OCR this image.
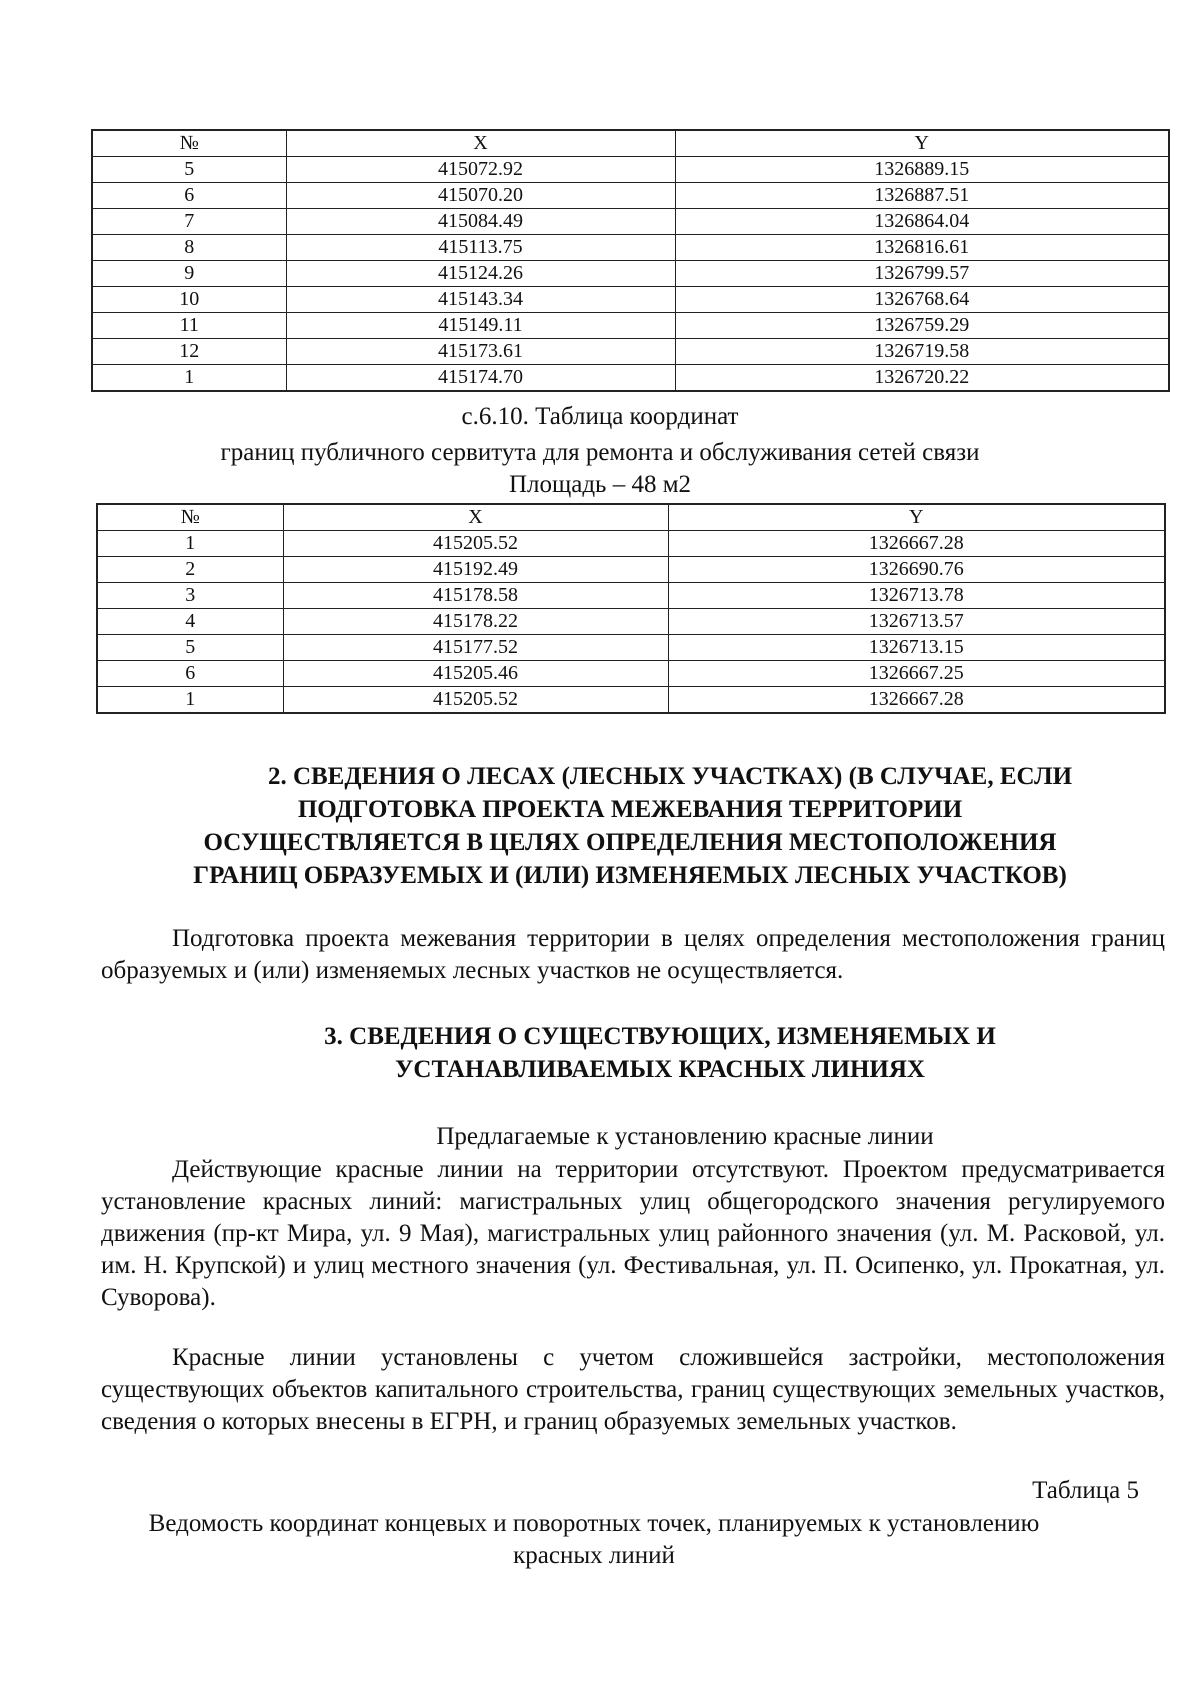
№	X	Y
5	415072.92	1326889.15
6	415070.20	1326887.51
7	415084.49	1326864.04
8	415113.75	1326816.61
9	415124.26	1326799.57
10	415143.34	1326768.64
11	415149.11	1326759.29
12	415173.61	1326719.58
1	415174.70	1326720.22
с.6.10. Таблица координат
границ публичного сервитута для ремонта и обслуживания сетей связи
Площадь – 48 м2
№	X	Y
1	415205.52	1326667.28
2	415192.49	1326690.76
3	415178.58	1326713.78
4	415178.22	1326713.57
5	415177.52	1326713.15
6	415205.46	1326667.25
1	415205.52	1326667.28
2. СВЕДЕНИЯ О ЛЕСАХ (ЛЕСНЫХ УЧАСТКАХ) (В СЛУЧАЕ, ЕСЛИ
ПОДГОТОВКА ПРОЕКТА МЕЖЕВАНИЯ ТЕРРИТОРИИ
ОСУЩЕСТВЛЯЕТСЯ В ЦЕЛЯХ ОПРЕДЕЛЕНИЯ МЕСТОПОЛОЖЕНИЯ
ГРАНИЦ ОБРАЗУЕМЫХ И (ИЛИ) ИЗМЕНЯЕМЫХ ЛЕСНЫХ УЧАСТКОВ)
Подготовка проекта межевания территории в целях определения местоположения границ образуемых и (или) изменяемых лесных участков не осуществляется.
3. СВЕДЕНИЯ О СУЩЕСТВУЮЩИХ, ИЗМЕНЯЕМЫХ И
УСТАНАВЛИВАЕМЫХ КРАСНЫХ ЛИНИЯХ
Предлагаемые к установлению красные линии
Действующие красные линии на территории отсутствуют. Проектом предусматривается установление красных линий: магистральных улиц общегородского значения регулируемого движения (пр-кт Мира, ул. 9 Мая), магистральных улиц районного значения (ул. М. Расковой, ул. им. Н. Крупской) и улиц местного значения (ул. Фестивальная, ул. П. Осипенко, ул. Прокатная, ул. Суворова).
Красные линии установлены с учетом сложившейся застройки, местоположения существующих объектов капитального строительства, границ существующих земельных участков, сведения о которых внесены в ЕГРН, и границ образуемых земельных участков.
Таблица 5
Ведомость координат концевых и поворотных точек, планируемых к установлению красных линий
